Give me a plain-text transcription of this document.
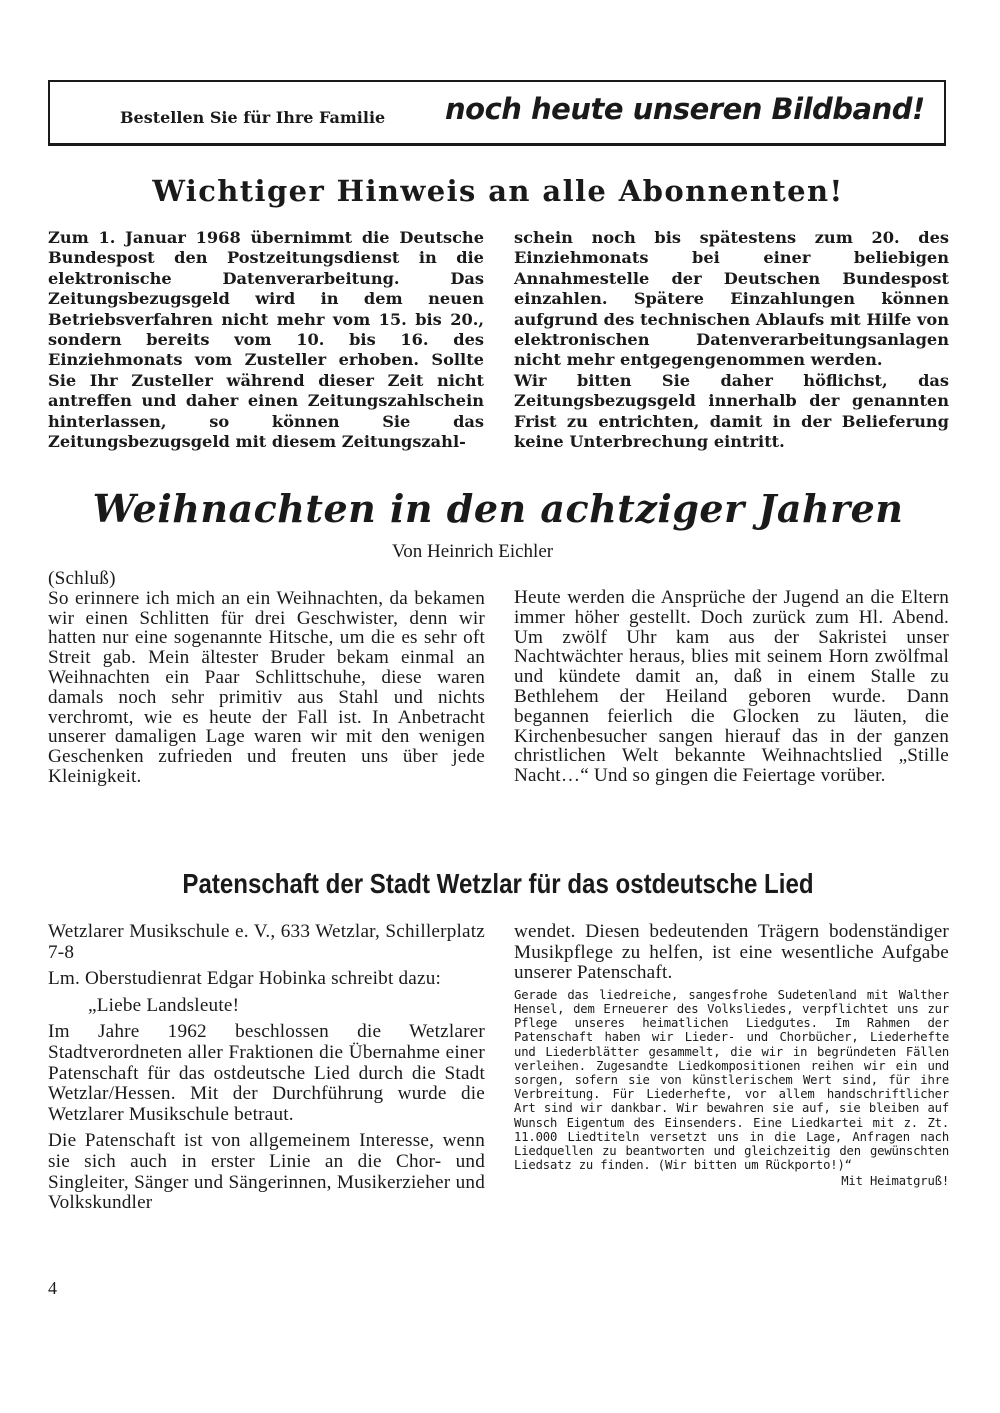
Bestellen Sie für Ihre Familie noch heute unseren Bildband!
Wichtiger Hinweis an alle Abonnenten!

Zum 1. Januar 1968 übernimmt die Deutsche Bundespost den Postzeitungsdienst in die elektronische Datenverarbeitung. Das Zeitungsbezugsgeld wird in dem neuen Betriebsverfahren nicht mehr vom 15. bis 20., sondern bereits vom 10. bis 16. des Einziehmonats vom Zusteller erhoben. Sollte Sie Ihr Zusteller während dieser Zeit nicht antreffen und daher einen Zeitungszahlschein hinterlassen, so können Sie das Zeitungsbezugsgeld mit diesem Zeitungszahl-

schein noch bis spätestens zum 20. des Einziehmonats bei einer beliebigen Annahmestelle der Deutschen Bundespost einzahlen. Spätere Einzahlungen können aufgrund des technischen Ablaufs mit Hilfe von elektronischen Datenverarbeitungsanlagen nicht mehr entgegengenommen werden.

Wir bitten Sie daher höflichst, das Zeitungsbezugsgeld innerhalb der genannten Frist zu entrichten, damit in der Belieferung keine Unterbrechung eintritt.

Weihnachten in den achtziger Jahren
Von Heinrich Eichler

(Schluß)

So erinnere ich mich an ein Weihnachten, da bekamen wir einen Schlitten für drei Geschwister, denn wir hatten nur eine sogenannte Hitsche, um die es sehr oft Streit gab. Mein ältester Bruder bekam einmal an Weihnachten ein Paar Schlittschuhe, diese waren damals noch sehr primitiv aus Stahl und nichts verchromt, wie es heute der Fall ist. In Anbetracht unserer damaligen Lage waren wir mit den wenigen Geschenken zufrieden und freuten uns über jede Kleinigkeit.

Heute werden die Ansprüche der Jugend an die Eltern immer höher gestellt. Doch zurück zum Hl. Abend. Um zwölf Uhr kam aus der Sakristei unser Nachtwächter heraus, blies mit seinem Horn zwölfmal und kündete damit an, daß in einem Stalle zu Bethlehem der Heiland geboren wurde. Dann begannen feierlich die Glocken zu läuten, die Kirchenbesucher sangen hierauf das in der ganzen christlichen Welt bekannte Weihnachtslied „Stille Nacht…“ Und so gingen die Feiertage vorüber.

Patenschaft der Stadt Wetzlar für das ostdeutsche Lied

Wetzlarer Musikschule e. V., 633 Wetzlar, Schillerplatz 7-8

Lm. Oberstudienrat Edgar Hobinka schreibt dazu:

„Liebe Landsleute!

Im Jahre 1962 beschlossen die Wetzlarer Stadtverordneten aller Fraktionen die Übernahme einer Patenschaft für das ostdeutsche Lied durch die Stadt Wetzlar/Hessen. Mit der Durchführung wurde die Wetzlarer Musikschule betraut.

Die Patenschaft ist von allgemeinem Interesse, wenn sie sich auch in erster Linie an die Chor- und Singleiter, Sänger und Sängerinnen, Musikerzieher und Volkskundler

wendet. Diesen bedeutenden Trägern bodenständiger Musikpflege zu helfen, ist eine wesentliche Aufgabe unserer Patenschaft.

Gerade das liedreiche, sangesfrohe Sudetenland mit Walther Hensel, dem Erneuerer des Volksliedes, verpflichtet uns zur Pflege unseres heimatlichen Liedgutes. Im Rahmen der Patenschaft haben wir Lieder- und Chorbücher, Liederhefte und Liederblätter gesammelt, die wir in begründeten Fällen verleihen. Zugesandte Liedkompositionen reihen wir ein und sorgen, sofern sie von künstlerischem Wert sind, für ihre Verbreitung. Für Liederhefte, vor allem handschriftlicher Art sind wir dankbar. Wir bewahren sie auf, sie bleiben auf Wunsch Eigentum des Einsenders. Eine Liedkartei mit z. Zt. 11.000 Liedtiteln versetzt uns in die Lage, Anfragen nach Liedquellen zu beantworten und gleichzeitig den gewünschten Liedsatz zu finden. (Wir bitten um Rückporto!)“

Mit Heimatgruß!

4
